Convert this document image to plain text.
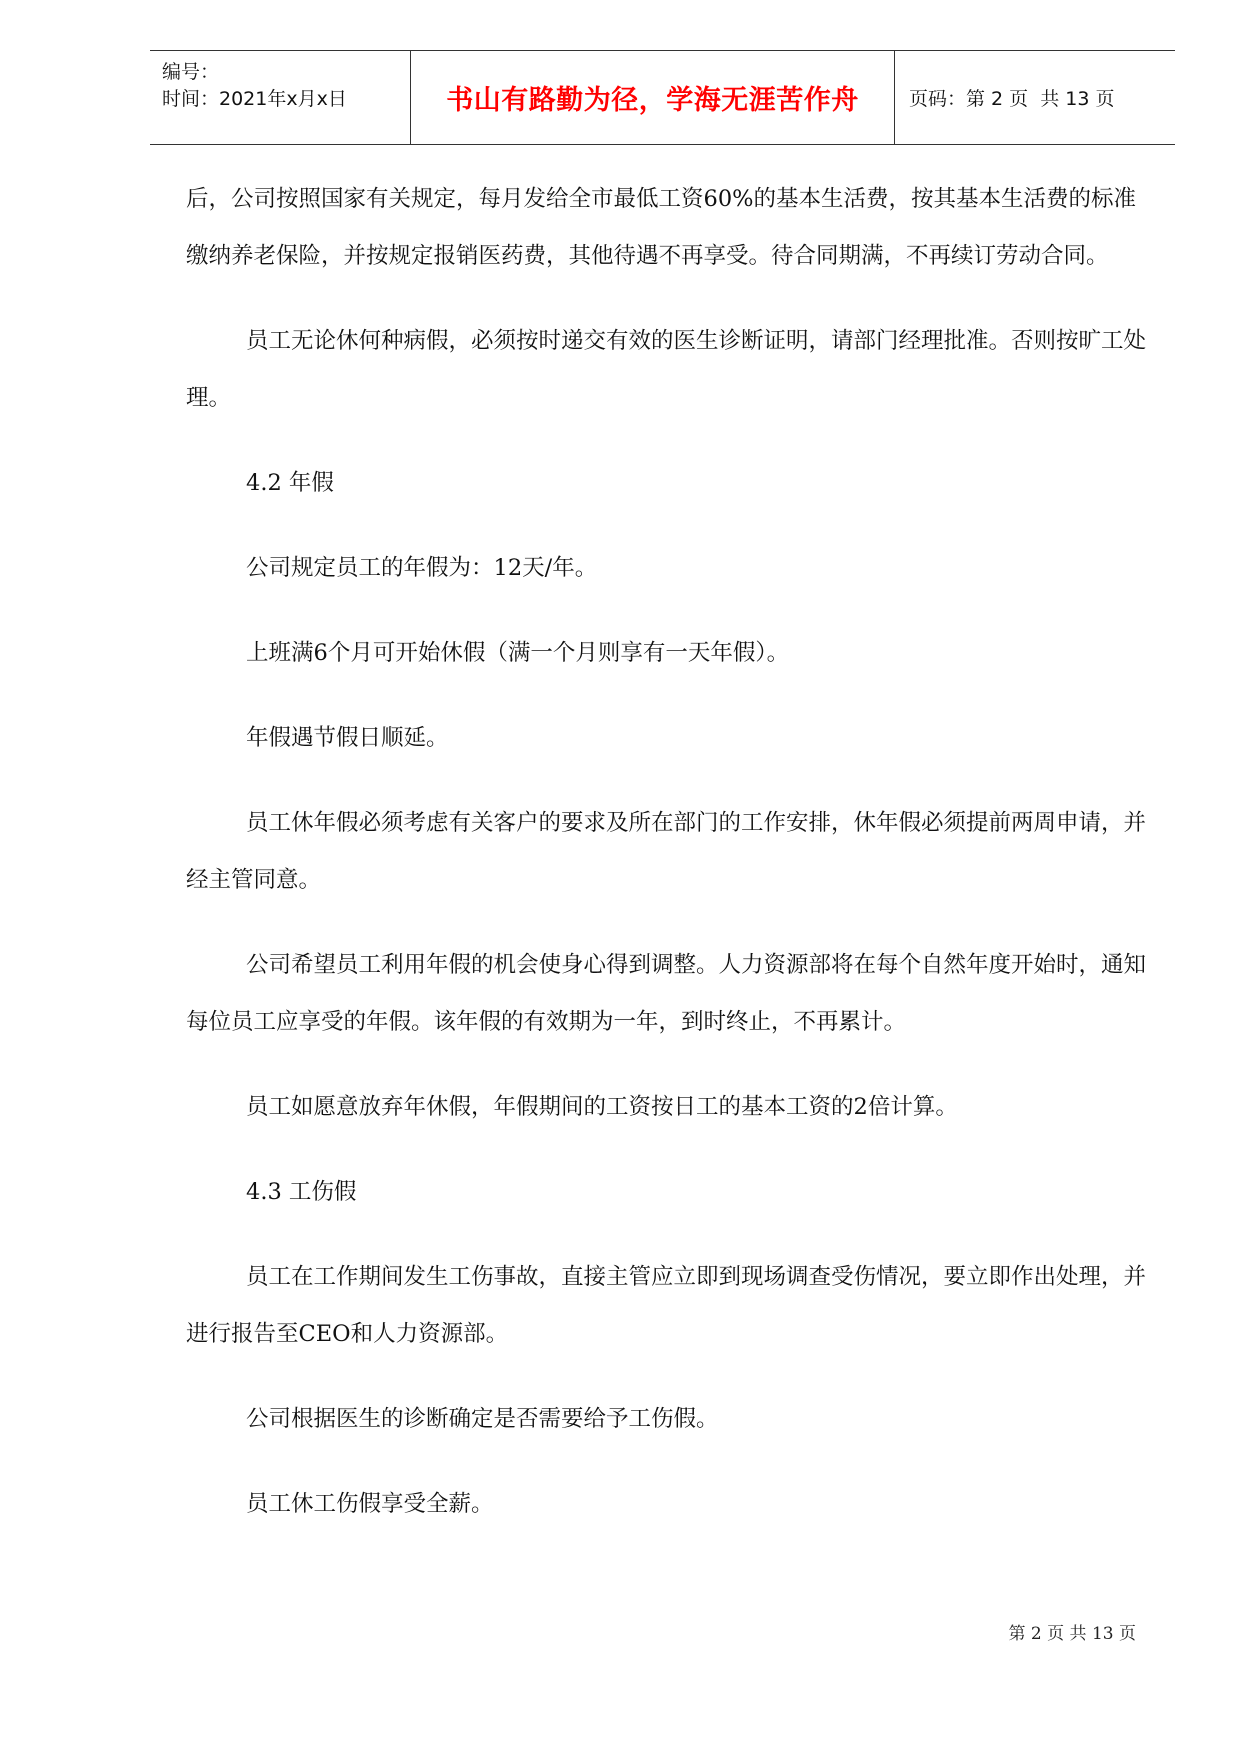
编号：
时间：2021年x月x日	书山有路勤为径，学海无涯苦作舟	页码：第 2 页  共 13 页

后，公司按照国家有关规定，每月发给全市最低工资60%的基本生活费，按其基本生活费的标准缴纳养老保险，并按规定报销医药费，其他待遇不再享受。待合同期满，不再续订劳动合同。

员工无论休何种病假，必须按时递交有效的医生诊断证明，请部门经理批准。否则按旷工处理。

4.2 年假

公司规定员工的年假为：12天/年。

上班满6个月可开始休假（满一个月则享有一天年假）。

年假遇节假日顺延。

员工休年假必须考虑有关客户的要求及所在部门的工作安排，休年假必须提前两周申请，并经主管同意。

公司希望员工利用年假的机会使身心得到调整。人力资源部将在每个自然年度开始时，通知每位员工应享受的年假。该年假的有效期为一年，到时终止，不再累计。

员工如愿意放弃年休假，年假期间的工资按日工的基本工资的2倍计算。

4.3 工伤假

员工在工作期间发生工伤事故，直接主管应立即到现场调查受伤情况，要立即作出处理，并进行报告至CEO和人力资源部。

公司根据医生的诊断确定是否需要给予工伤假。

员工休工伤假享受全薪。

第 2 页 共 13 页
